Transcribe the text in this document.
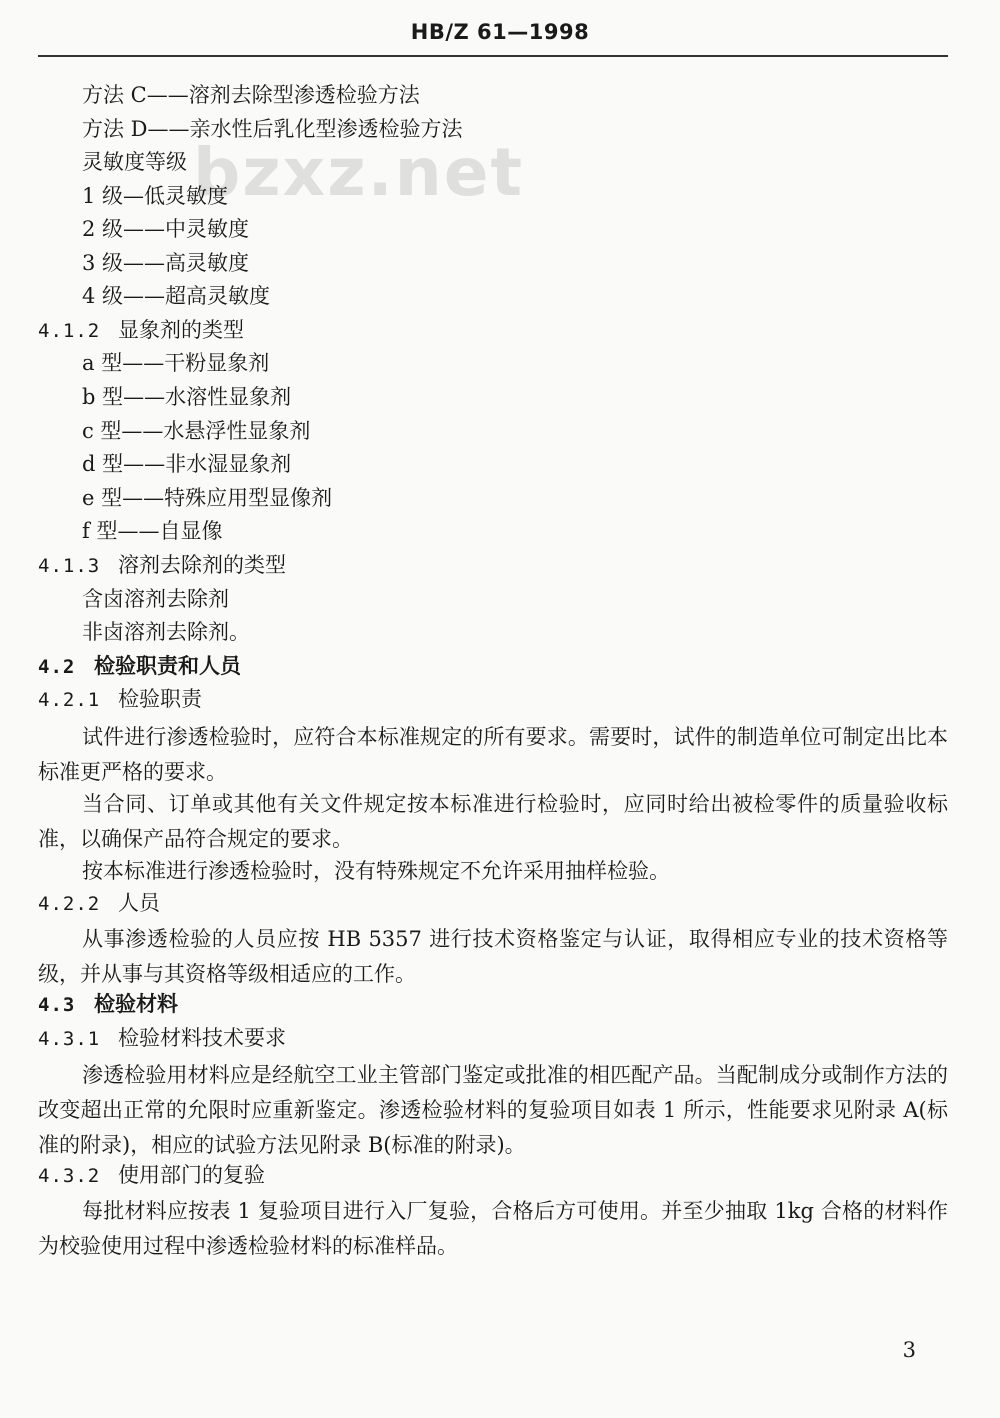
HB/Z 61—1998
bzxz.net
方法 C——溶剂去除型渗透检验方法
方法 D——亲水性后乳化型渗透检验方法
灵敏度等级
1 级—低灵敏度
2 级——中灵敏度
3 级——高灵敏度
4 级——超高灵敏度
4.1.2 显象剂的类型
a 型——干粉显象剂
b 型——水溶性显象剂
c 型——水悬浮性显象剂
d 型——非水湿显象剂
e 型——特殊应用型显像剂
f 型——自显像
4.1.3 溶剂去除剂的类型
含卤溶剂去除剂
非卤溶剂去除剂。
4.2 检验职责和人员
4.2.1 检验职责
试件进行渗透检验时，应符合本标准规定的所有要求。需要时，试件的制造单位可制定出比本标准更严格的要求。
当合同、订单或其他有关文件规定按本标准进行检验时，应同时给出被检零件的质量验收标准，以确保产品符合规定的要求。
按本标准进行渗透检验时，没有特殊规定不允许采用抽样检验。
4.2.2 人员
从事渗透检验的人员应按 HB 5357 进行技术资格鉴定与认证，取得相应专业的技术资格等级，并从事与其资格等级相适应的工作。
4.3 检验材料
4.3.1 检验材料技术要求
渗透检验用材料应是经航空工业主管部门鉴定或批准的相匹配产品。当配制成分或制作方法的改变超出正常的允限时应重新鉴定。渗透检验材料的复验项目如表 1 所示，性能要求见附录 A(标准的附录)，相应的试验方法见附录 B(标准的附录)。
4.3.2 使用部门的复验
每批材料应按表 1 复验项目进行入厂复验，合格后方可使用。并至少抽取 1kg 合格的材料作为校验使用过程中渗透检验材料的标准样品。
3
